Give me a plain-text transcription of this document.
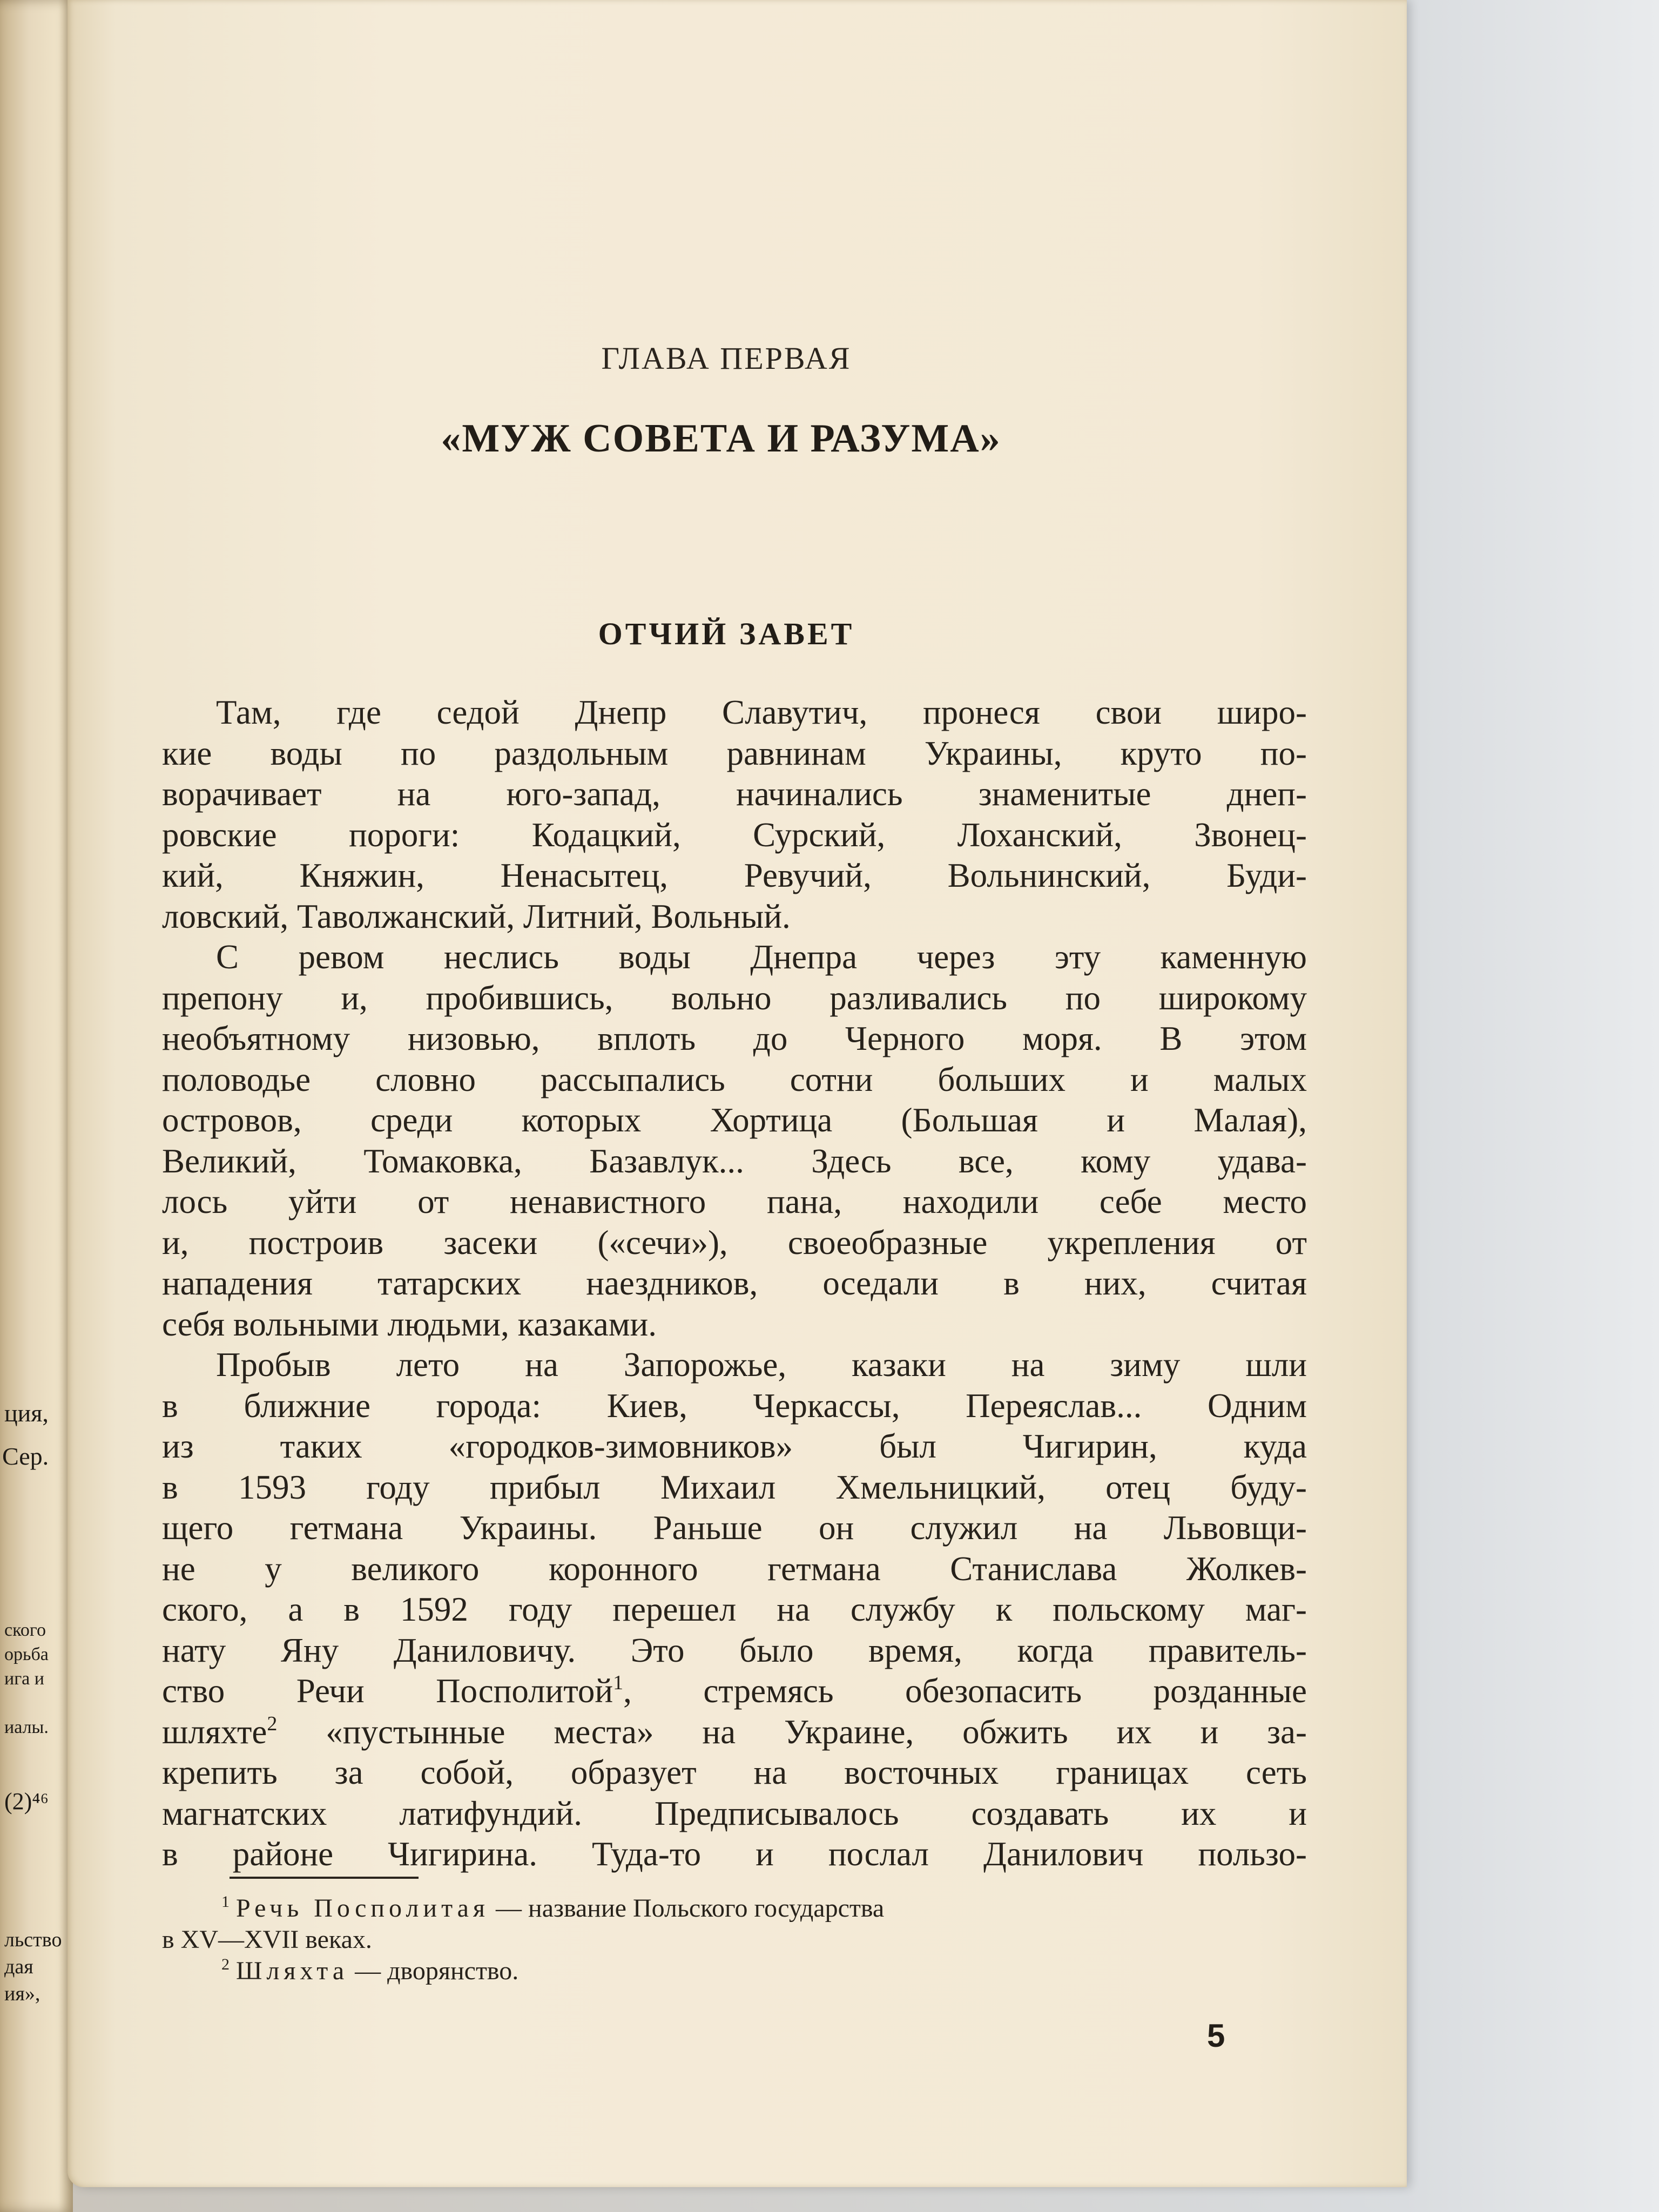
ция,
Сер.
ского
орьба
ига и
иалы.
(2)⁴⁶
льство
дая
ия»,
ГЛАВА ПЕРВАЯ
«МУЖ СОВЕТА И РАЗУМА»
ОТЧИЙ ЗАВЕТ
Там, где седой Днепр Славутич, пронеся свои широ-
кие воды по раздольным равнинам Украины, круто по-
ворачивает на юго-запад, начинались знаменитые днеп-
ровские пороги: Кодацкий, Сурский, Лоханский, Звонец-
кий, Княжин, Ненасытец, Ревучий, Вольнинский, Буди-
ловский, Таволжанский, Литний, Вольный.
С ревом неслись воды Днепра через эту каменную
препону и, пробившись, вольно разливались по широкому
необъятному низовью, вплоть до Черного моря. В этом
половодье словно рассыпались сотни больших и малых
островов, среди которых Хортица (Большая и Малая),
Великий, Томаковка, Базавлук... Здесь все, кому удава-
лось уйти от ненавистного пана, находили себе место
и, построив засеки («сечи»), своеобразные укрепления от
нападения татарских наездников, оседали в них, считая
себя вольными людьми, казаками.
Пробыв лето на Запорожье, казаки на зиму шли
в ближние города: Киев, Черкассы, Переяслав... Одним
из таких «городков-зимовников» был Чигирин, куда
в 1593 году прибыл Михаил Хмельницкий, отец буду-
щего гетмана Украины. Раньше он служил на Львовщи-
не у великого коронного гетмана Станислава Жолкев-
ского, а в 1592 году перешел на службу к польскому маг-
нату Яну Даниловичу. Это было время, когда правитель-
ство Речи Посполитой$^1$, стремясь обезопасить розданные
шляхте$^2$ «пустынные места» на Украине, обжить их и за-
крепить за собой, образует на восточных границах сеть
магнатских латифундий. Предписывалось создавать их и
в районе Чигирина. Туда-то и послал Данилович пользо-
$^1$ Речь Посполитая — название Польского государства
в XV—XVII веках.
$^2$ Шляхта — дворянство.
5
